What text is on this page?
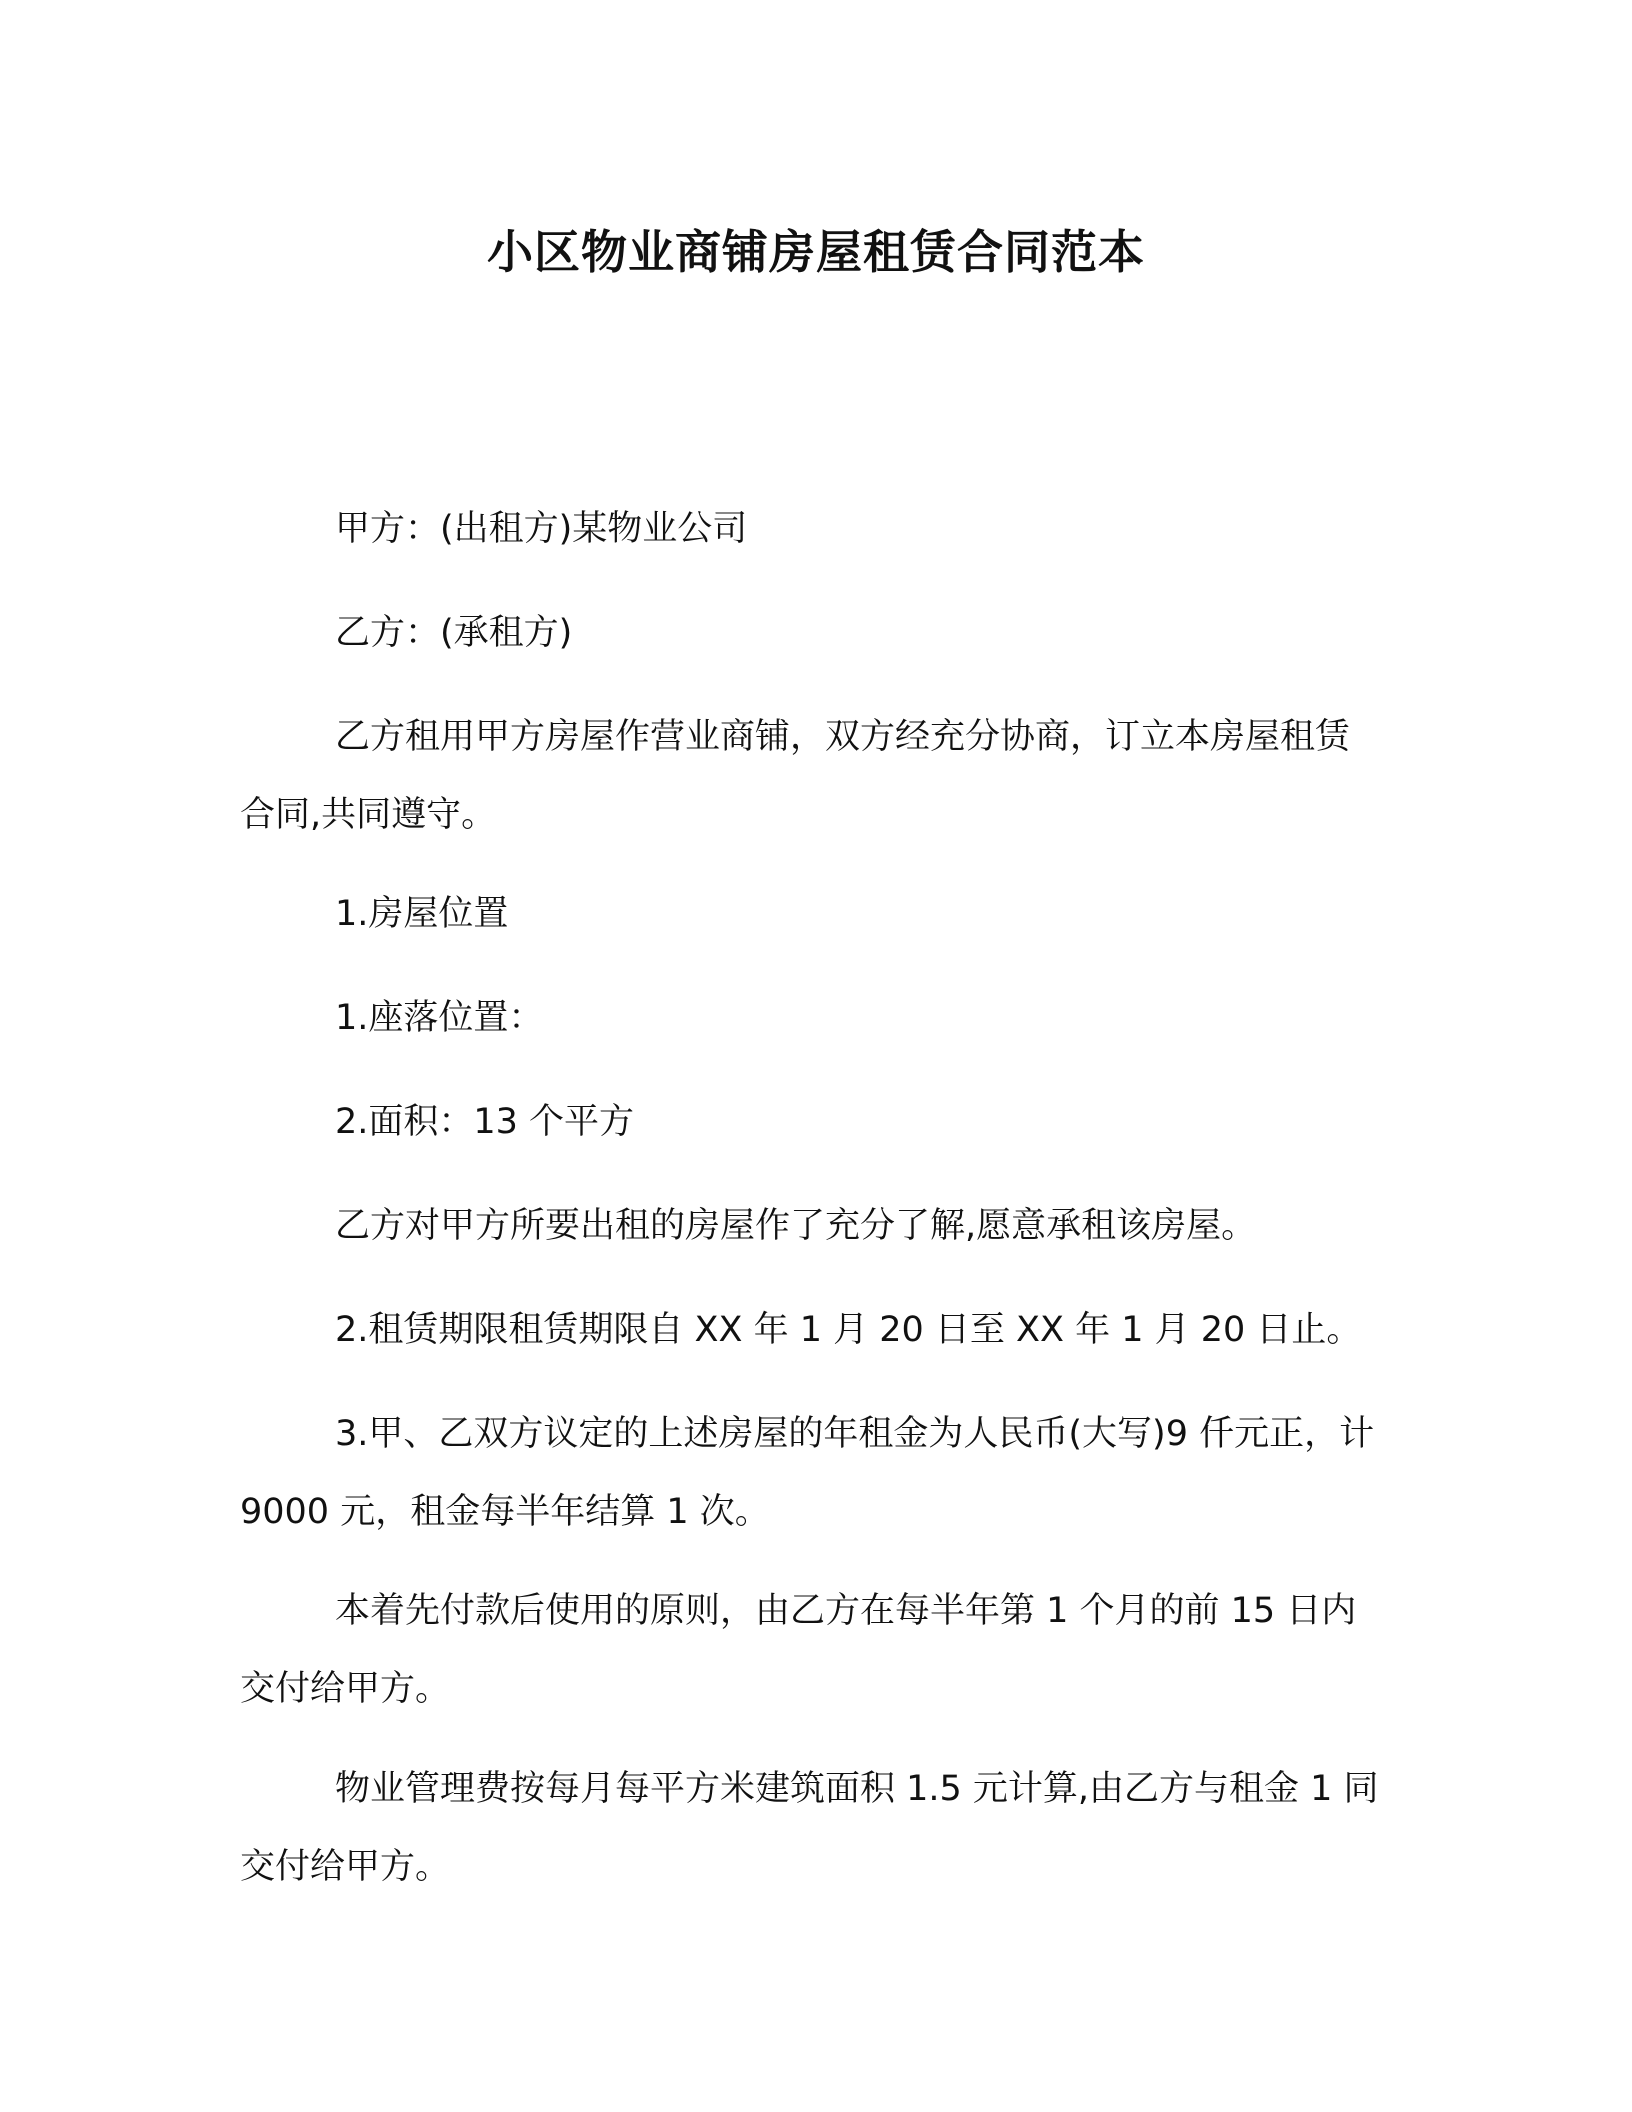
小区物业商铺房屋租赁合同范本

甲方：(出租方)某物业公司

乙方：(承租方)

乙方租用甲方房屋作营业商铺，双方经充分协商，订立本房屋租赁合同,共同遵守。

1.房屋位置

1.座落位置：

2.面积：13 个平方

乙方对甲方所要出租的房屋作了充分了解,愿意承租该房屋。

2.租赁期限租赁期限自 XX 年 1 月 20 日至 XX 年 1 月 20 日止。

3.甲、乙双方议定的上述房屋的年租金为人民币(大写)9 仟元正，计 9000 元，租金每半年结算 1 次。

本着先付款后使用的原则，由乙方在每半年第 1 个月的前 15 日内交付给甲方。

物业管理费按每月每平方米建筑面积 1.5 元计算,由乙方与租金 1 同交付给甲方。
